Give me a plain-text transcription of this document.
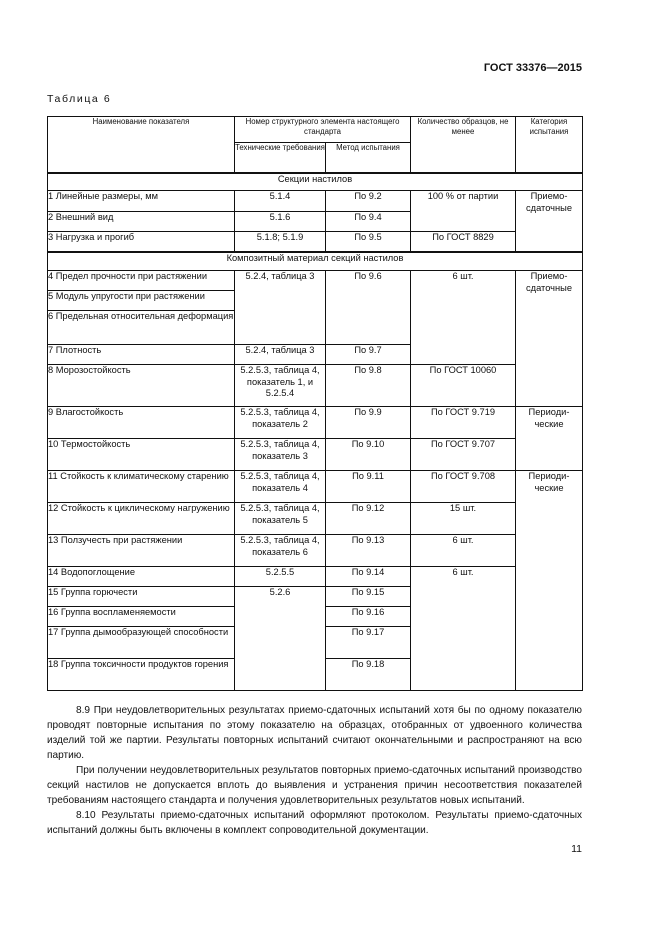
ГОСТ 33376—2015
Таблица 6
Наименование показателя	Номер структурного элемента настоящего стандарта		Количество образцов, не менее	Категория испытания
	Технические требования	Метод испытания		
Секции настилов				
1 Линейные размеры, мм	5.1.4	По 9.2	100 % от партии	Приемо-сдаточные
2 Внешний вид	5.1.6	По 9.4		
3 Нагрузка и прогиб	5.1.8; 5.1.9	По 9.5	По ГОСТ 8829	
Композитный материал секций настилов				
4 Предел прочности при растяжении	5.2.4, таблица 3	По 9.6	6 шт.	Приемо-сдаточные
5 Модуль упругости при растяжении				
6 Предельная относительная деформация				
7 Плотность	5.2.4, таблица 3	По 9.7		
8 Морозостойкость	5.2.5.3, таблица 4, показатель 1, и 5.2.5.4	По 9.8	По ГОСТ 10060	
9 Влагостойкость	5.2.5.3, таблица 4, показатель 2	По 9.9	По ГОСТ 9.719	Периоди-ческие
10 Термостойкость	5.2.5.3, таблица 4, показатель 3	По 9.10	По ГОСТ 9.707	
11 Стойкость к климатическому старению	5.2.5.3, таблица 4, показатель 4	По 9.11	По ГОСТ 9.708	Периоди-ческие
12 Стойкость к циклическому нагружению	5.2.5.3, таблица 4, показатель 5	По 9.12	15 шт.	
13 Ползучесть при растяжении	5.2.5.3, таблица 4, показатель 6	По 9.13	6 шт.	
14 Водопоглощение	5.2.5.5	По 9.14	6 шт.	
15 Группа горючести	5.2.6	По 9.15		
16 Группа воспламеняемости		По 9.16		
17 Группа дымообразующей способности		По 9.17		
18 Группа токсичности продуктов горения		По 9.18		

8.9 При неудовлетворительных результатах приемо-сдаточных испытаний хотя бы по одному показателю проводят повторные испытания по этому показателю на образцах, отобранных от удвоенного количества изделий той же партии. Результаты повторных испытаний считают окончательными и распространяют на всю партию.

При получении неудовлетворительных результатов повторных приемо-сдаточных испытаний производство секций настилов не допускается вплоть до выявления и устранения причин несоответствия показателей требованиям настоящего стандарта и получения удовлетворительных результатов новых испытаний.

8.10 Результаты приемо-сдаточных испытаний оформляют протоколом. Результаты приемо-сдаточных испытаний должны быть включены в комплект сопроводительной документации.

11
